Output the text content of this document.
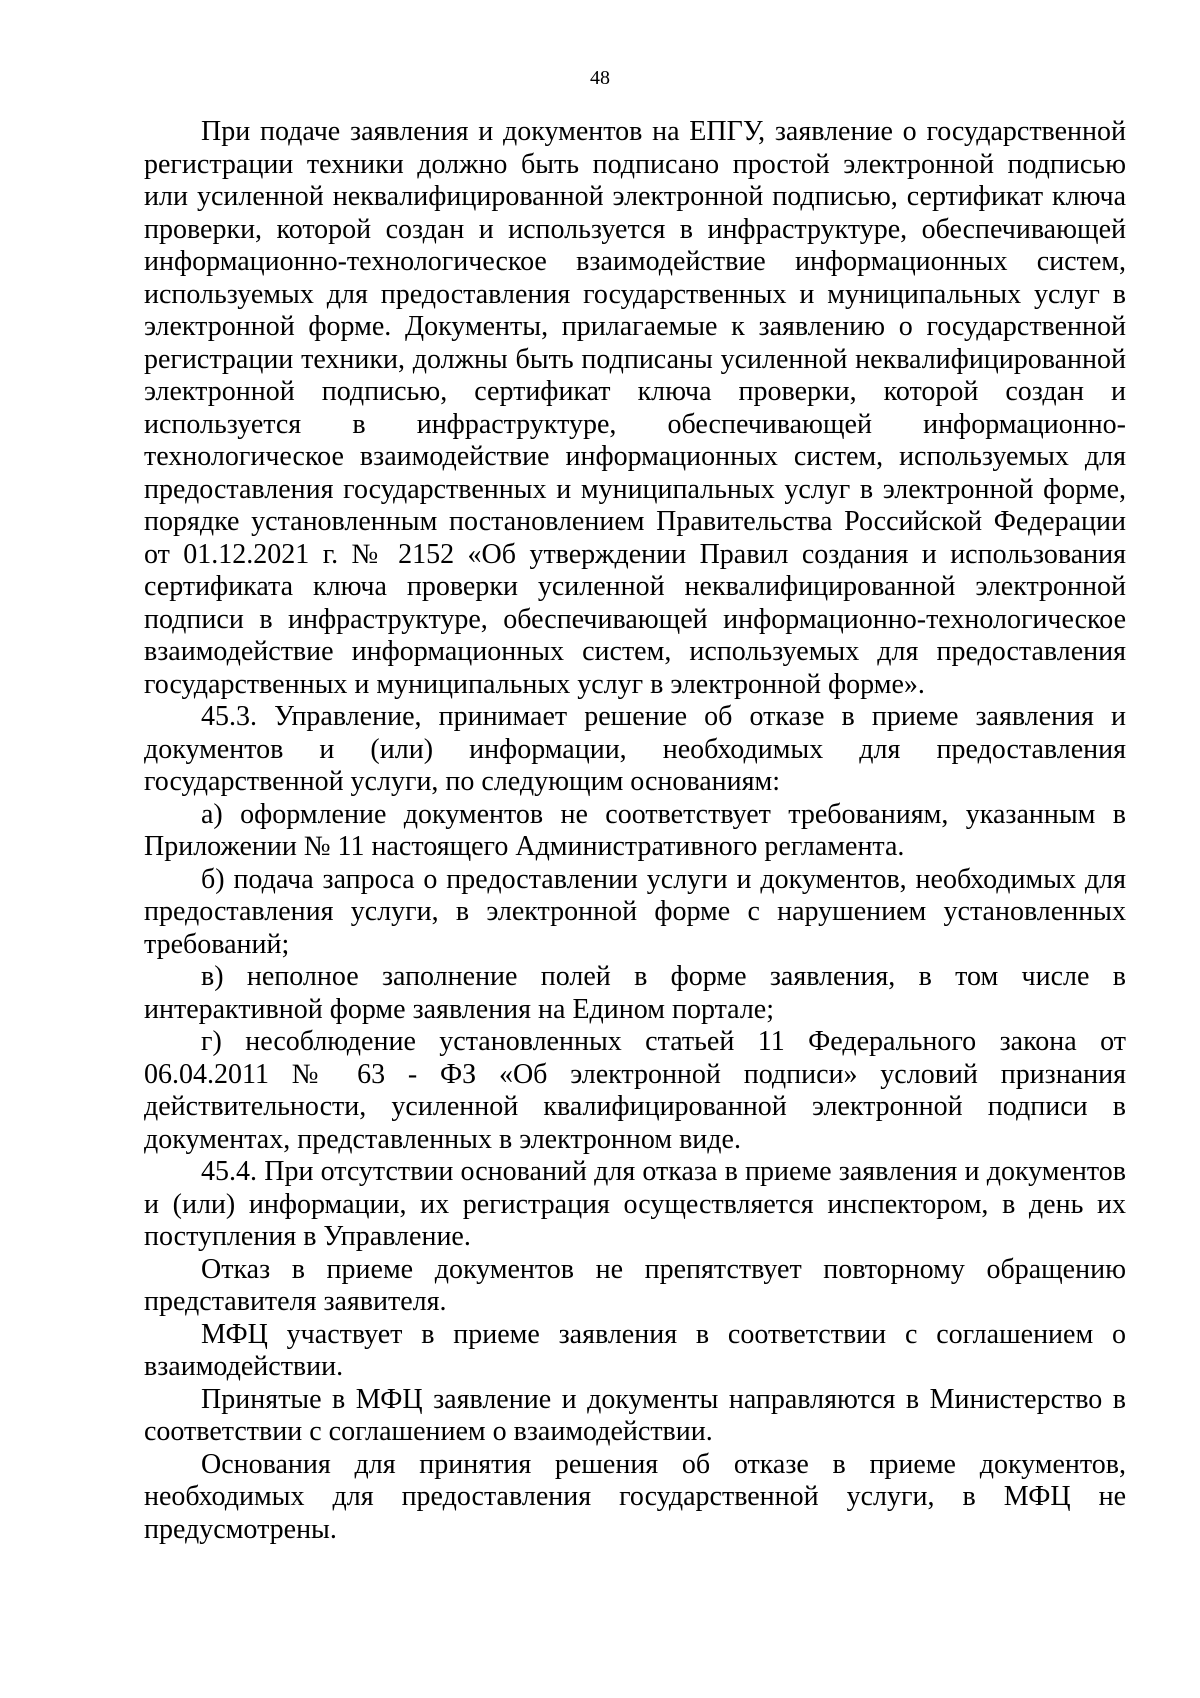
48

При подаче заявления и документов на ЕПГУ, заявление о государственной регистрации техники должно быть подписано простой электронной подписью или усиленной неквалифицированной электронной подписью, сертификат ключа проверки, которой создан и используется в инфраструктуре, обеспечивающей информационно-технологическое взаимодействие информационных систем, используемых для предоставления государственных и муниципальных услуг в электронной форме. Документы, прилагаемые к заявлению о государственной регистрации техники, должны быть подписаны усиленной неквалифицированной электронной подписью, сертификат ключа проверки, которой создан и используется в инфраструктуре, обеспечивающей информационно-технологическое взаимодействие информационных систем, используемых для предоставления государственных и муниципальных услуг в электронной форме, порядке установленным постановлением Правительства Российской Федерации от 01.12.2021 г. № 2152 «Об утверждении Правил создания и использования сертификата ключа проверки усиленной неквалифицированной электронной подписи в инфраструктуре, обеспечивающей информационно-технологическое взаимодействие информационных систем, используемых для предоставления государственных и муниципальных услуг в электронной форме».

45.3. Управление, принимает решение об отказе в приеме заявления и документов и (или) информации, необходимых для предоставления государственной услуги, по следующим основаниям:

а) оформление документов не соответствует требованиям, указанным в Приложении № 11 настоящего Административного регламента.

б) подача запроса о предоставлении услуги и документов, необходимых для предоставления услуги, в электронной форме с нарушением установленных требований;

в) неполное заполнение полей в форме заявления, в том числе в интерактивной форме заявления на Едином портале;

г) несоблюдение установленных статьей 11 Федерального закона от 06.04.2011 № 63 - ФЗ «Об электронной подписи» условий признания действительности, усиленной квалифицированной электронной подписи в документах, представленных в электронном виде.

45.4. При отсутствии оснований для отказа в приеме заявления и документов и (или) информации, их регистрация осуществляется инспектором, в день их поступления в Управление.

Отказ в приеме документов не препятствует повторному обращению представителя заявителя.

МФЦ участвует в приеме заявления в соответствии с соглашением о взаимодействии.

Принятые в МФЦ заявление и документы направляются в Министерство в соответствии с соглашением о взаимодействии.

Основания для принятия решения об отказе в приеме документов, необходимых для предоставления государственной услуги, в МФЦ не предусмотрены.
